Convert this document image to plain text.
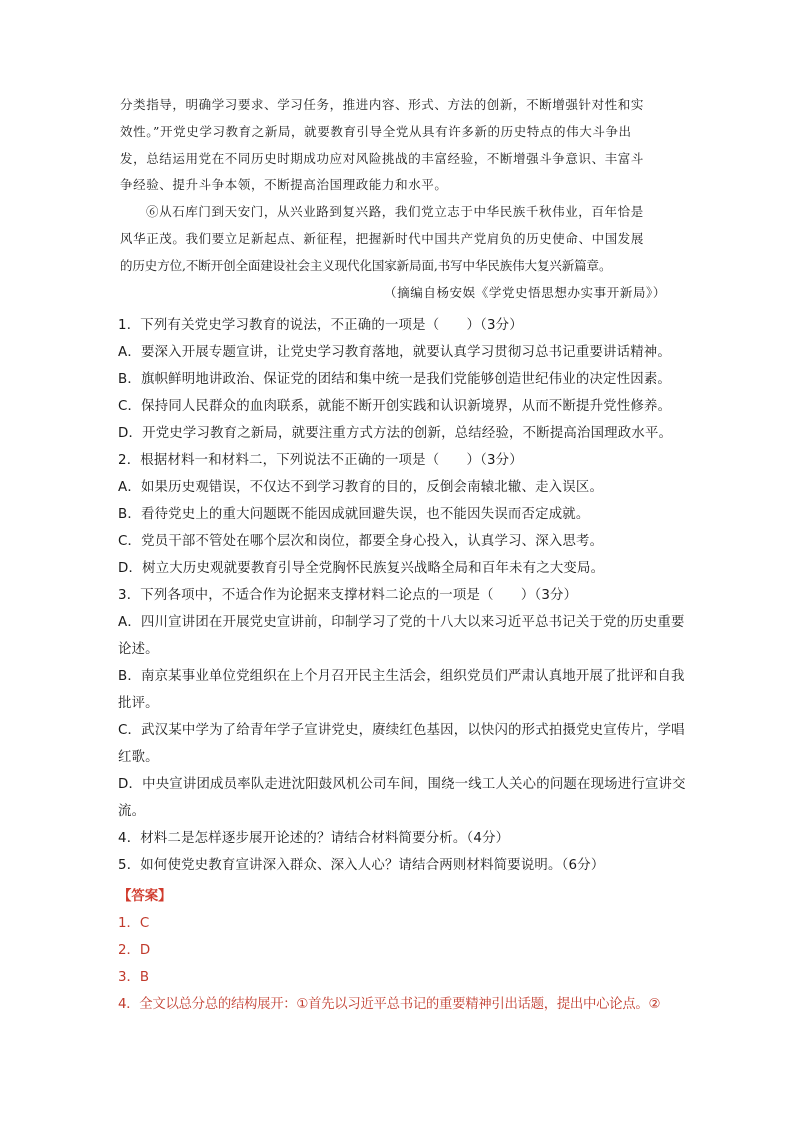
分类指导，明确学习要求、学习任务，推进内容、形式、方法的创新，不断增强针对性和实

效性。”开党史学习教育之新局，就要教育引导全党从具有许多新的历史特点的伟大斗争出

发，总结运用党在不同历史时期成功应对风险挑战的丰富经验，不断增强斗争意识、丰富斗

争经验、提升斗争本领，不断提高治国理政能力和水平。

⑥从石库门到天安门，从兴业路到复兴路，我们党立志于中华民族千秋伟业，百年恰是

风华正茂。我们要立足新起点、新征程，把握新时代中国共产党肩负的历史使命、中国发展

的历史方位,不断开创全面建设社会主义现代化国家新局面,书写中华民族伟大复兴新篇章。

（摘编自杨安娱《学党史悟思想办实事开新局》）

1．下列有关党史学习教育的说法，不正确的一项是（　　）（3分）

A．要深入开展专题宣讲，让党史学习教育落地，就要认真学习贯彻习总书记重要讲话精神。

B．旗帜鲜明地讲政治、保证党的团结和集中统一是我们党能够创造世纪伟业的决定性因素。

C．保持同人民群众的血肉联系，就能不断开创实践和认识新境界，从而不断提升党性修养。

D．开党史学习教育之新局，就要注重方式方法的创新，总结经验，不断提高治国理政水平。

2．根据材料一和材料二，下列说法不正确的一项是（　　）（3分）

A．如果历史观错误，不仅达不到学习教育的目的，反倒会南辕北辙、走入误区。

B．看待党史上的重大问题既不能因成就回避失误，也不能因失误而否定成就。

C．党员干部不管处在哪个层次和岗位，都要全身心投入，认真学习、深入思考。

D．树立大历史观就要教育引导全党胸怀民族复兴战略全局和百年未有之大变局。

3．下列各项中，不适合作为论据来支撑材料二论点的一项是（　　）（3分）

A．四川宣讲团在开展党史宣讲前，印制学习了党的十八大以来习近平总书记关于党的历史重要论述。

B．南京某事业单位党组织在上个月召开民主生活会，组织党员们严肃认真地开展了批评和自我批评。

C．武汉某中学为了给青年学子宣讲党史，赓续红色基因，以快闪的形式拍摄党史宣传片，学唱红歌。

D．中央宣讲团成员率队走进沈阳鼓风机公司车间，围绕一线工人关心的问题在现场进行宣讲交流。

4．材料二是怎样逐步展开论述的？请结合材料简要分析。（4分）

5．如何使党史教育宣讲深入群众、深入人心？请结合两则材料简要说明。（6分）

【答案】

1．C

2．D

3．B

4．全文以总分总的结构展开：①首先以习近平总书记的重要精神引出话题，提出中心论点。②
